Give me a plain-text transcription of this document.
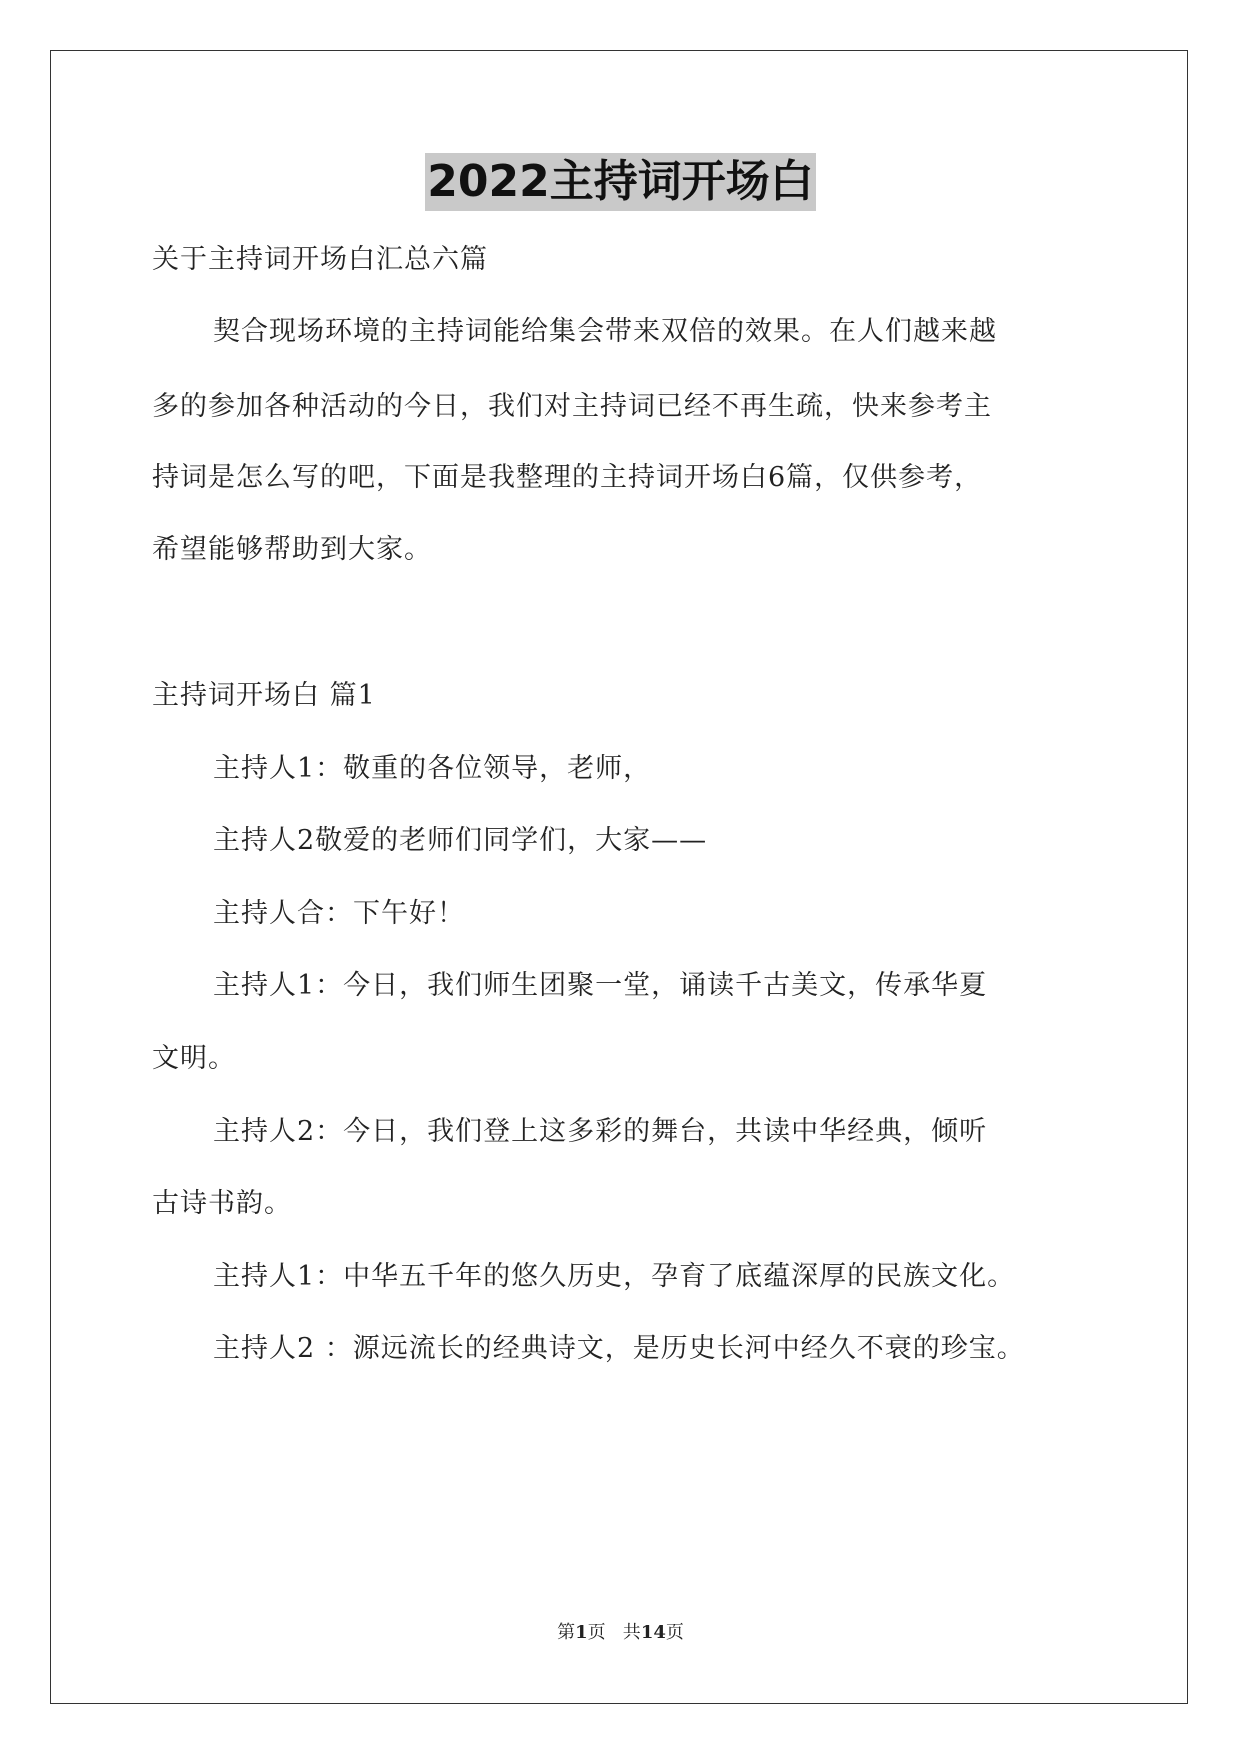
2022主持词开场白
关于主持词开场白汇总六篇
契合现场环境的主持词能给集会带来双倍的效果。在人们越来越
多的参加各种活动的今日，我们对主持词已经不再生疏，快来参考主
持词是怎么写的吧，下面是我整理的主持词开场白6篇，仅供参考，
希望能够帮助到大家。
主持词开场白 篇1
主持人1：敬重的各位领导，老师，
主持人2敬爱的老师们同学们，大家——
主持人合：下午好！
主持人1：今日，我们师生团聚一堂，诵读千古美文，传承华夏
文明。
主持人2：今日，我们登上这多彩的舞台，共读中华经典，倾听
古诗书韵。
主持人1：中华五千年的悠久历史，孕育了底蕴深厚的民族文化。
主持人2 ：源远流长的经典诗文，是历史长河中经久不衰的珍宝。
第1页   共14页
